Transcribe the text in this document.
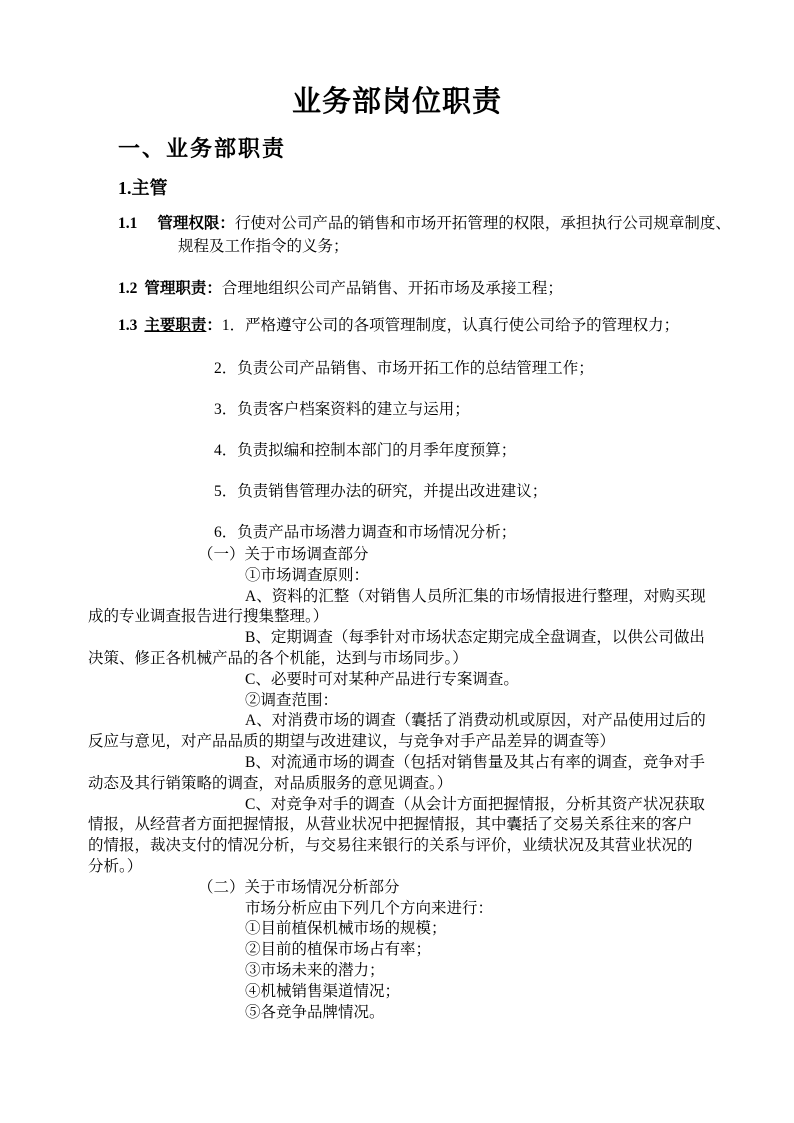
业务部岗位职责
一、业务部职责
1.主管
1.1 管理权限：行使对公司产品的销售和市场开拓管理的权限，承担执行公司规章制度、
规程及工作指令的义务；
1.2 管理职责：合理地组织公司产品销售、开拓市场及承接工程；
1.3 主要职责：1．严格遵守公司的各项管理制度，认真行使公司给予的管理权力；
2．负责公司产品销售、市场开拓工作的总结管理工作；
3．负责客户档案资料的建立与运用；
4．负责拟编和控制本部门的月季年度预算；
5．负责销售管理办法的研究，并提出改进建议；
6．负责产品市场潜力调查和市场情况分析；
（一）关于市场调查部分
①市场调查原则：
A、资料的汇整（对销售人员所汇集的市场情报进行整理，对购买现
成的专业调查报告进行搜集整理。）
B、定期调查（每季针对市场状态定期完成全盘调查，以供公司做出
决策、修正各机械产品的各个机能，达到与市场同步。）
C、必要时可对某种产品进行专案调查。
②调查范围：
A、对消费市场的调查（囊括了消费动机或原因，对产品使用过后的
反应与意见，对产品品质的期望与改进建议，与竞争对手产品差异的调查等）
B、对流通市场的调查（包括对销售量及其占有率的调查，竞争对手
动态及其行销策略的调查，对品质服务的意见调查。）
C、对竞争对手的调查（从会计方面把握情报，分析其资产状况获取
情报，从经营者方面把握情报，从营业状况中把握情报，其中囊括了交易关系往来的客户
的情报，裁决支付的情况分析，与交易往来银行的关系与评价，业绩状况及其营业状况的
分析。）
（二）关于市场情况分析部分
市场分析应由下列几个方向来进行：
①目前植保机械市场的规模；
②目前的植保市场占有率；
③市场未来的潜力；
④机械销售渠道情况；
⑤各竞争品牌情况。
